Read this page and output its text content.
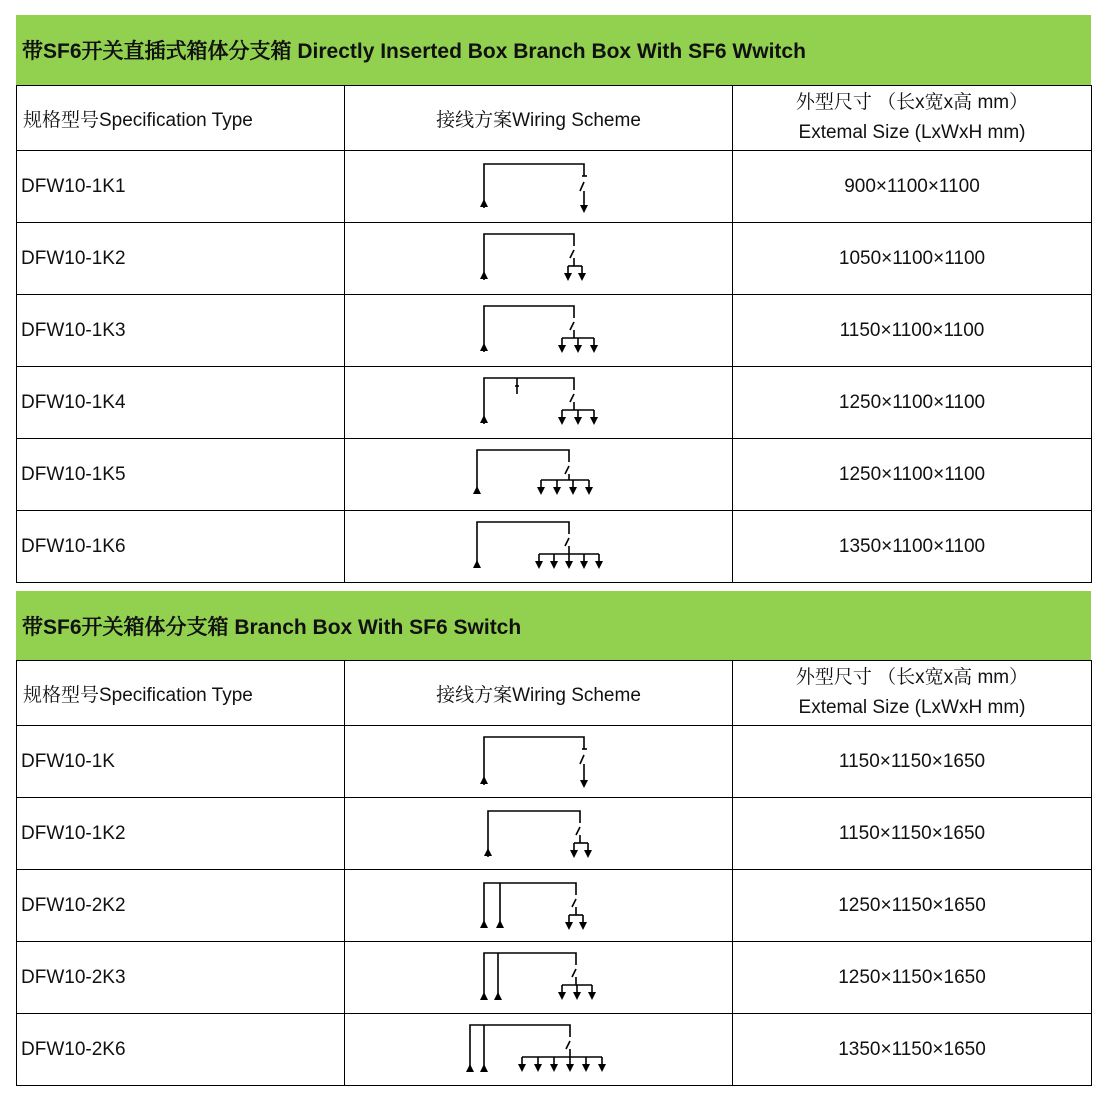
带SF6开关直插式箱体分支箱 Directly Inserted Box Branch Box With SF6 Wwitch
规格型号Specification Type	接线方案Wiring Scheme	外型尺寸 （长x宽x高 mm）
Extemal Size (LxWxH mm)

DFW10-1K1		900×1100×1100
DFW10-1K2		1050×1100×1100
DFW10-1K3		1150×1100×1100
DFW10-1K4		1250×1100×1100
DFW10-1K5		1250×1100×1100
DFW10-1K6		1350×1100×1100
带SF6开关箱体分支箱 Branch Box With SF6 Switch
规格型号Specification Type	接线方案Wiring Scheme	外型尺寸 （长x宽x高 mm）
Extemal Size (LxWxH mm)

DFW10-1K		1150×1150×1650
DFW10-1K2		1150×1150×1650
DFW10-2K2		1250×1150×1650
DFW10-2K3		1250×1150×1650
DFW10-2K6		1350×1150×1650
